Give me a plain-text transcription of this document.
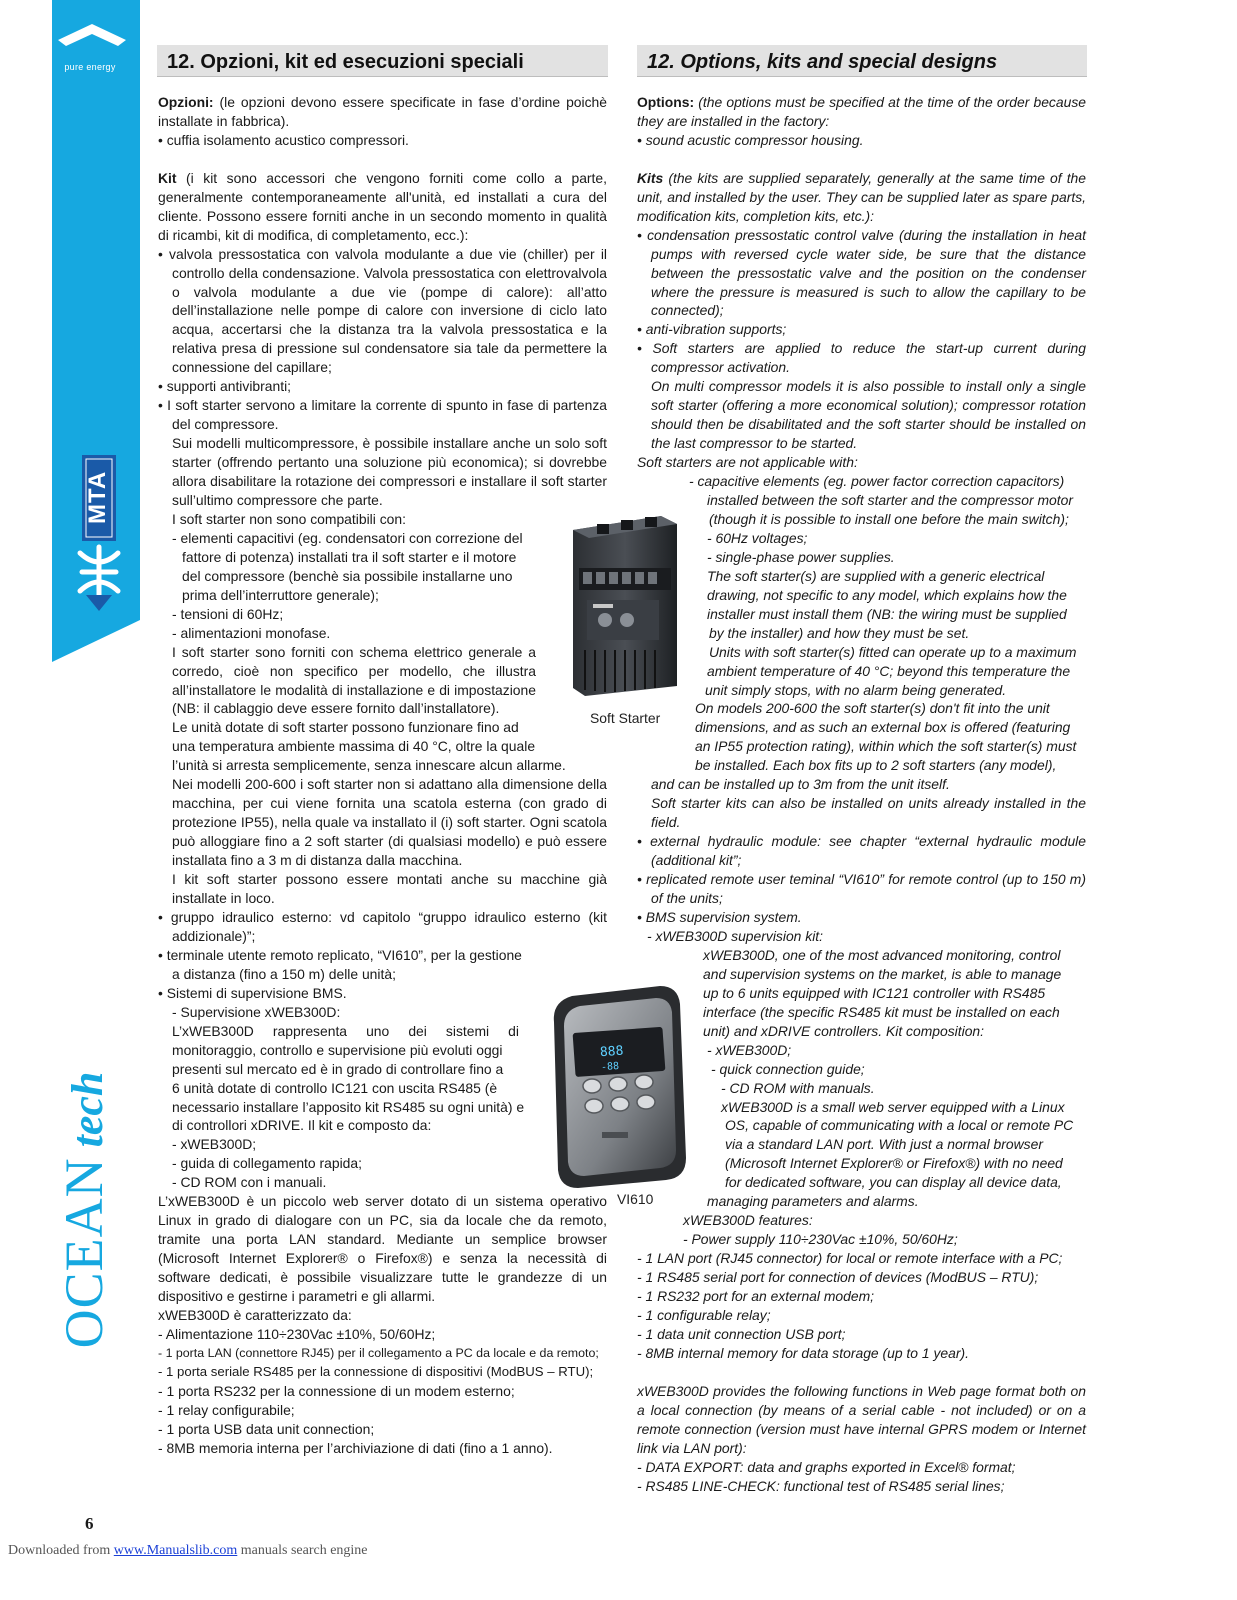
pure energy
MTA
OCEANtech
12. Opzioni, kit ed esecuzioni speciali	12. Options, kits and special designs

Opzioni: (le opzioni devono essere specificate in fase d’ordine poichè installate in fabbrica).

• cuffia isolamento acustico compressori.

Kit (i kit sono accessori che vengono forniti come collo a parte, generalmente contemporaneamente all'unità, ed installati a cura del cliente. Possono essere forniti anche in un secondo momento in qualità di ricambi, kit di modifica, di completamento, ecc.):

• valvola pressostatica con valvola modulante a due vie (chiller) per il controllo della condensazione. Valvola pressostatica con elettrovalvola o valvola modulante a due vie (pompe di calore): all’atto dell’installazione nelle pompe di calore con inversione di ciclo lato acqua, accertarsi che la distanza tra la valvola pressostatica e la relativa presa di pressione sul condensatore sia tale da permettere la connessione del capillare;

• supporti antivibranti;

• I soft starter servono a limitare la corrente di spunto in fase di partenza del compressore.

Sui modelli multicompressore, è possibile installare anche un solo soft starter (offrendo pertanto una soluzione più economica); si dovrebbe allora disabilitare la rotazione dei compressori e installare il soft starter sull’ultimo compressore che parte.

I soft starter non sono compatibili con:

- elementi capacitivi (eg. condensatori con correzione del

fattore di potenza) installati tra il soft starter e il motore

del compressore (benchè sia possibile installarne uno

prima dell’interruttore generale);

- tensioni di 60Hz;

- alimentazioni monofase.

I soft starter sono forniti con schema elettrico generale a corredo, cioè non specifico per modello, che illustra all’installatore le modalità di installazione e di impostazione (NB: il cablaggio deve essere fornito dall’installatore).

Le unità dotate di soft starter possono funzionare fino ad

una temperatura ambiente massima di 40 °C, oltre la quale

l’unità si arresta semplicemente, senza innescare alcun allarme.

Nei modelli 200-600 i soft starter non si adattano alla dimensione della macchina, per cui viene fornita una scatola esterna (con grado di protezione IP55), nella quale va installato il (i) soft starter. Ogni scatola può alloggiare fino a 2 soft starter (di qualsiasi modello) e può essere installata fino a 3 m di distanza dalla macchina.

I kit soft starter possono essere montati anche su macchine già installate in loco.

• gruppo idraulico esterno: vd capitolo “gruppo idraulico esterno (kit addizionale)”;

• terminale utente remoto replicato, “VI610”, per la gestione

a distanza (fino a 150 m) delle unità;

• Sistemi di supervisione BMS.

- Supervisione xWEB300D:

L’xWEB300D rappresenta uno dei sistemi di

monitoraggio, controllo e supervisione più evoluti oggi

presenti sul mercato ed è in grado di controllare fino a

6 unità dotate di controllo IC121 con uscita RS485 (è

necessario installare l’apposito kit RS485 su ogni unità) e

di controllori xDRIVE. Il kit e composto da:

- xWEB300D;

- guida di collegamento rapida;

- CD ROM con i manuali.

L’xWEB300D è un piccolo web server dotato di un sistema operativo Linux in grado di dialogare con un PC, sia da locale che da remoto, tramite una porta LAN standard. Mediante un semplice browser (Microsoft Internet Explorer® o Firefox®) e senza la necessità di software dedicati, è possibile visualizzare tutte le grandezze di un dispositivo e gestirne i parametri e gli allarmi.

xWEB300D è caratterizzato da:

- Alimentazione 110÷230Vac ±10%, 50/60Hz;

- 1 porta LAN (connettore RJ45) per il collegamento a PC da locale e da remoto;

- 1 porta seriale RS485 per la connessione di dispositivi (ModBUS – RTU);

- 1 porta RS232 per la connessione di un modem esterno;

- 1 relay configurabile;

- 1 porta USB data unit connection;

- 8MB memoria interna per l’archiviazione di dati (fino a 1 anno).

Options: (the options must be specified at the time of the order because they are installed in the factory:

• sound acustic compressor housing.

Kits (the kits are supplied separately, generally at the same time of the unit, and installed by the user. They can be supplied later as spare parts, modification kits, completion kits, etc.):

• condensation pressostatic control valve (during the installation in heat pumps with reversed cycle water side, be sure that the distance between the pressostatic valve and the position on the condenser where the pressure is measured is such to allow the capillary to be connected);

• anti-vibration supports;

• Soft starters are applied to reduce the start-up current during compressor activation.

On multi compressor models it is also possible to install only a single soft starter (offering a more economical solution); compressor rotation should then be disabilitated and the soft starter should be installed on the last compressor to be started.

Soft starters are not applicable with:

- capacitive elements (eg. power factor correction capacitors)

installed between the soft starter and the compressor motor

(though it is possible to install one before the main switch);

- 60Hz voltages;

- single-phase power supplies.

The soft starter(s) are supplied with a generic electrical

drawing, not specific to any model, which explains how the

installer must install them (NB: the wiring must be supplied

by the installer) and how they must be set.

Units with soft starter(s) fitted can operate up to a maximum

ambient temperature of 40 °C; beyond this temperature the

unit simply stops, with no alarm being generated.

On models 200-600 the soft starter(s) don't fit into the unit

dimensions, and as such an external box is offered (featuring

an IP55 protection rating), within which the soft starter(s) must

be installed. Each box fits up to 2 soft starters (any model),

and can be installed up to 3m from the unit itself.

Soft starter kits can also be installed on units already installed in the field.

• external hydraulic module: see chapter “external hydraulic module (additional kit”;

• replicated remote user teminal “VI610” for remote control (up to 150 m) of the units;

• BMS supervision system.

- xWEB300D supervision kit:

xWEB300D, one of the most advanced monitoring, control

and supervision systems on the market, is able to manage

up to 6 units equipped with IC121 controller with RS485

interface (the specific RS485 kit must be installed on each

unit) and xDRIVE controllers. Kit composition:

- xWEB300D;

- quick connection guide;

- CD ROM with manuals.

xWEB300D is a small web server equipped with a Linux

OS, capable of communicating with a local or remote PC

via a standard LAN port. With just a normal browser

(Microsoft Internet Explorer® or Firefox®) with no need

for dedicated software, you can display all device data,

managing parameters and alarms.

xWEB300D features:

- Power supply 110÷230Vac ±10%, 50/60Hz;

- 1 LAN port (RJ45 connector) for local or remote interface with a PC;

- 1 RS485 serial port for connection of devices (ModBUS – RTU);

- 1 RS232 port for an external modem;

- 1 configurable relay;

- 1 data unit connection USB port;

- 8MB internal memory for data storage (up to 1 year).

xWEB300D provides the following functions in Web page format both on a local connection (by means of a serial cable - not included) or on a remote connection (version must have internal GPRS modem or Internet link via LAN port):

- DATA EXPORT: data and graphs exported in Excel® format;

- RS485 LINE-CHECK: functional test of RS485 serial lines;

Soft Starter
888
-88
VI610
6
Downloaded from www.Manualslib.com manuals search engine
